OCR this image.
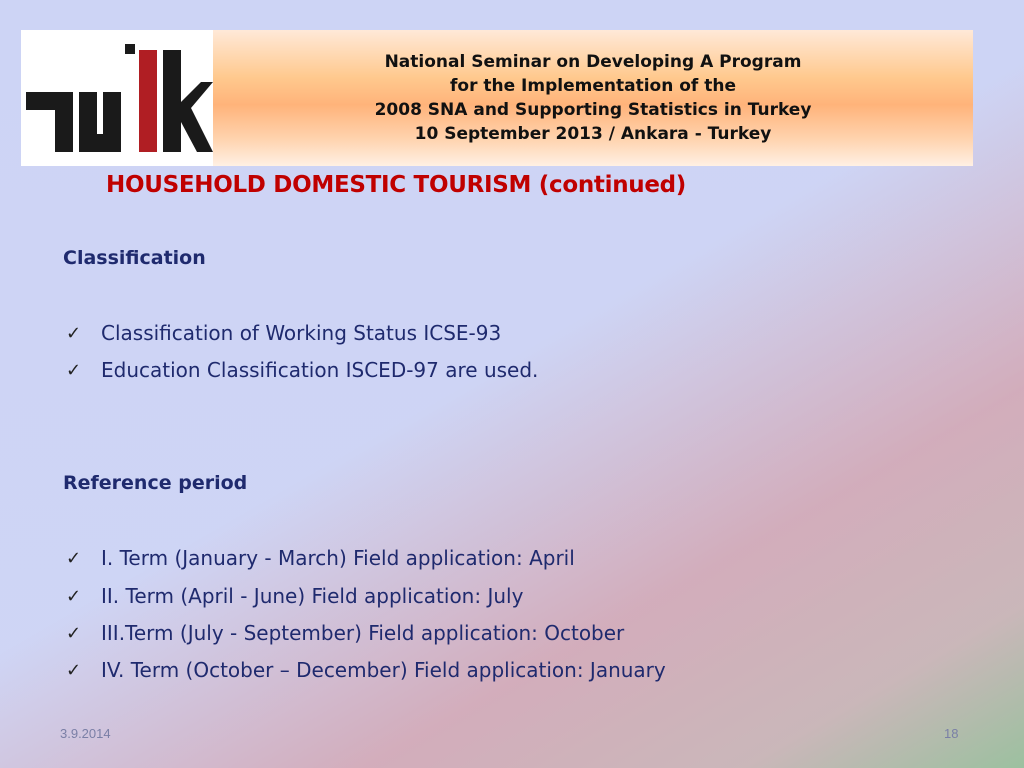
National Seminar on Developing A Program
for the Implementation of the
2008 SNA and Supporting Statistics in Turkey
10 September 2013 / Ankara - Turkey
HOUSEHOLD DOMESTIC TOURISM (continued)
Classification
✓ Classification of Working Status ICSE-93
✓ Education Classification ISCED-97 are used.
Reference period
✓ I. Term (January - March) Field application: April
✓ II. Term (April - June) Field application: July
✓ III.Term (July - September) Field application: October
✓ IV. Term (October – December) Field application: January
3.9.2014	18
